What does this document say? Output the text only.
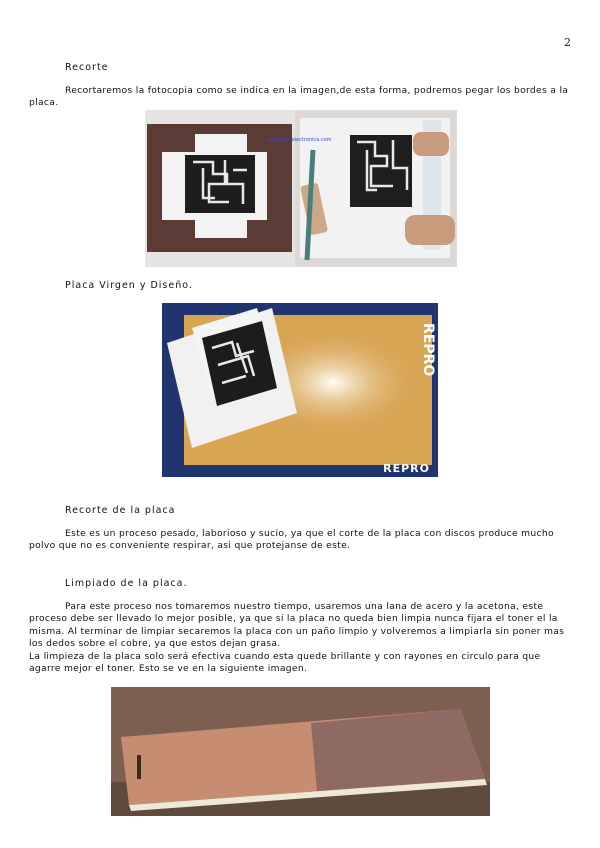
2
Recorte
Recortaremos la fotocopia como se indica en la imagen,de esta forma, podremos pegar los bordes a la placa.
www.todoelectronica.com
Placa Virgen y Diseño.
REPRO
REPRO
Recorte de la placa
Este es un proceso pesado, laborioso y sucio, ya que el corte de la placa con discos produce mucho polvo que no es conveniente respirar, asi que protejanse de este.
Limpiado de la placa.
Para este proceso nos tomaremos nuestro tiempo, usaremos una lana de acero y la acetona, este proceso debe ser llevado lo mejor posible, ya que si la placa no queda bien limpia nunca fijara el toner el la misma. Al terminar de limpiar secaremos la placa con un paño limpio y volveremos a limpiarla sin poner mas los dedos sobre el cobre, ya que estos dejan grasa.
La limpieza de la placa solo será efectiva cuando esta quede brillante y con rayones en circulo para que agarre mejor el toner. Esto se ve en la siguiente imagen.
